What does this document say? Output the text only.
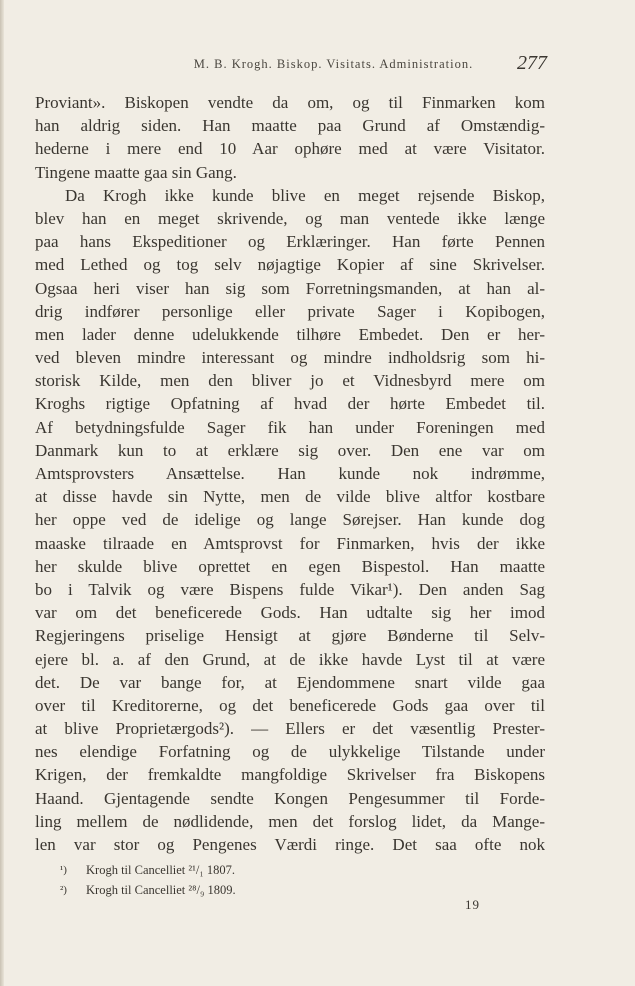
M. B. Krogh. Biskop. Visitats. Administration.	277
Proviant». Biskopen vendte da om, og til Finmarken kom
han aldrig siden. Han maatte paa Grund af Omstændig-
hederne i mere end 10 Aar ophøre med at være Visitator.
Tingene maatte gaa sin Gang.
Da Krogh ikke kunde blive en meget rejsende Biskop,
blev han en meget skrivende, og man ventede ikke længe
paa hans Ekspeditioner og Erklæringer. Han førte Pennen
med Lethed og tog selv nøjagtige Kopier af sine Skrivelser.
Ogsaa heri viser han sig som Forretningsmanden, at han al-
drig indfører personlige eller private Sager i Kopibogen,
men lader denne udelukkende tilhøre Embedet. Den er her-
ved bleven mindre interessant og mindre indholdsrig som hi-
storisk Kilde, men den bliver jo et Vidnesbyrd mere om
Kroghs rigtige Opfatning af hvad der hørte Embedet til.
Af betydningsfulde Sager fik han under Foreningen med
Danmark kun to at erklære sig over. Den ene var om
Amtsprovsters Ansættelse. Han kunde nok indrømme,
at disse havde sin Nytte, men de vilde blive altfor kostbare
her oppe ved de idelige og lange Sørejser. Han kunde dog
maaske tilraade en Amtsprovst for Finmarken, hvis der ikke
her skulde blive oprettet en egen Bispestol. Han maatte
bo i Talvik og være Bispens fulde Vikar¹). Den anden Sag
var om det beneficerede Gods. Han udtalte sig her imod
Regjeringens priselige Hensigt at gjøre Bønderne til Selv-
ejere bl. a. af den Grund, at de ikke havde Lyst til at være
det. De var bange for, at Ejendommene snart vilde gaa
over til Kreditorerne, og det beneficerede Gods gaa over til
at blive Proprietærgods²). — Ellers er det væsentlig Prester-
nes elendige Forfatning og de ulykkelige Tilstande under
Krigen, der fremkaldte mangfoldige Skrivelser fra Biskopens
Haand. Gjentagende sendte Kongen Pengesummer til Forde-
ling mellem de nødlidende, men det forslog lidet, da Mange-
len var stor og Pengenes Værdi ringe. Det saa ofte nok
¹)	Krogh til Cancelliet ²¹/₁ 1807.
²)	Krogh til Cancelliet ²⁸/₉ 1809.
19
